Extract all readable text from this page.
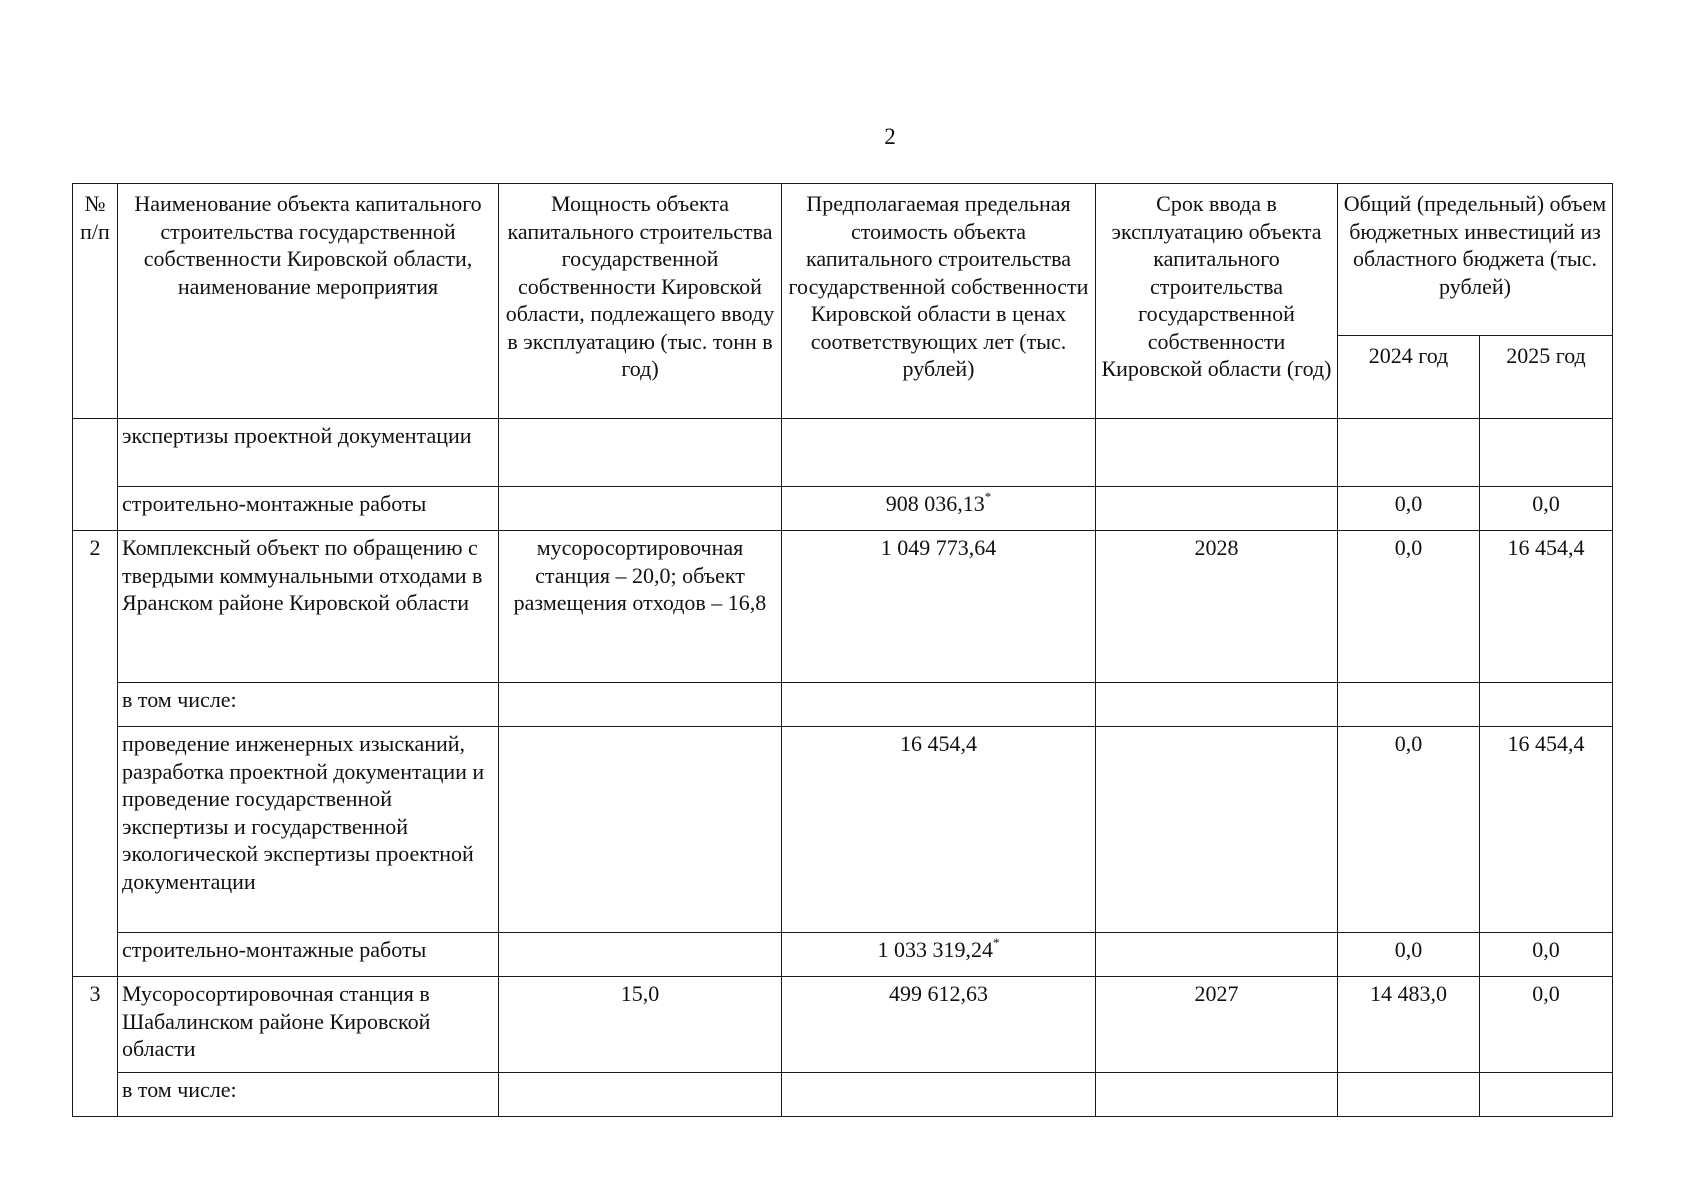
2
№ п/п	Наименование объекта капитального строительства государственной собственности Кировской области, наименование мероприятия	Мощность объекта капитального строительства государственной собственности Кировской области, подлежащего вводу в эксплуатацию (тыс. тонн в год)	Предполагаемая предельная стоимость объекта капитального строительства государственной собственности Кировской области в ценах соответствующих лет (тыс. рублей)	Срок ввода в эксплуатацию объекта капитального строительства государственной собственности Кировской области (год)	Общий (предельный) объем бюджетных инвестиций из областного бюджета (тыс. рублей)	
					2024 год	2025 год
	экспертизы проектной документации					
	строительно-монтажные работы		908 036,13*		0,0	0,0
2	Комплексный объект по обращению с твердыми коммунальными отходами в Яранском районе Кировской области	мусоросортировочная станция – 20,0; объект размещения отходов – 16,8	1 049 773,64	2028	0,0	16 454,4
	в том числе:					
	проведение инженерных изысканий, разработка проектной документации и проведение государственной экспертизы и государственной экологической экспертизы проектной документации		16 454,4		0,0	16 454,4
	строительно-монтажные работы		1 033 319,24*		0,0	0,0
3	Мусоросортировочная станция в Шабалинском районе Кировской области	15,0	499 612,63	2027	14 483,0	0,0
	в том числе:					
